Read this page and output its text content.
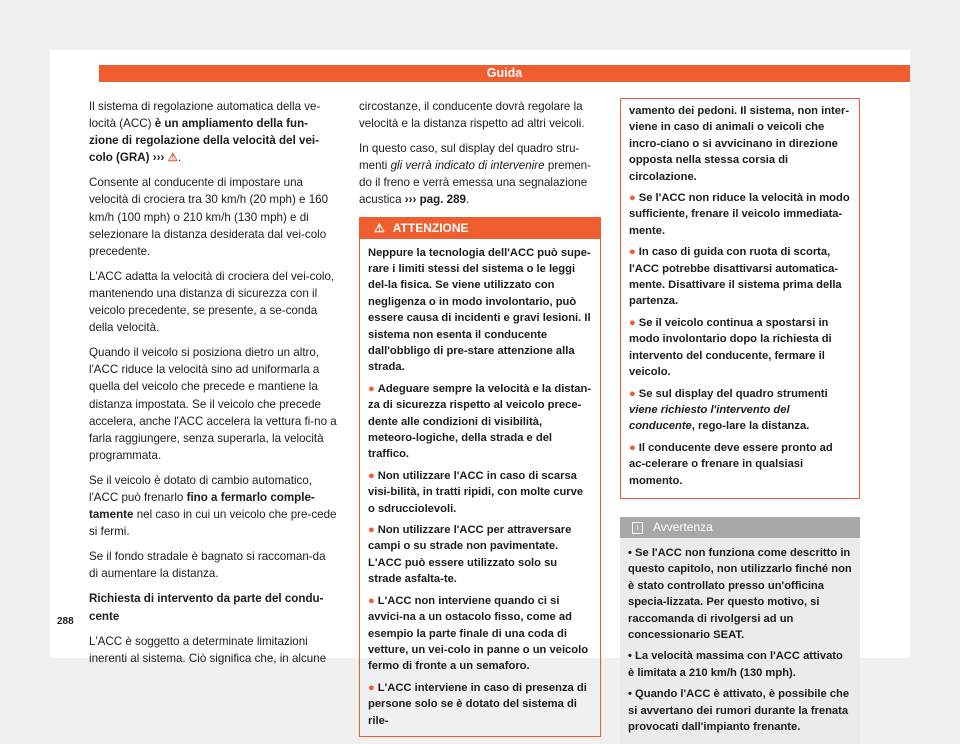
Guida

Il sistema di regolazione automatica della ve-locità (ACC) è un ampliamento della fun-zione di regolazione della velocità del vei-colo (GRA) ››› ⚠.

Consente al conducente di impostare una velocità di crociera tra 30 km/h (20 mph) e 160 km/h (100 mph) o 210 km/h (130 mph) e di selezionare la distanza desiderata dal vei-colo precedente.

L'ACC adatta la velocità di crociera del vei-colo, mantenendo una distanza di sicurezza con il veicolo precedente, se presente, a se-conda della velocità.

Quando il veicolo si posiziona dietro un altro, l'ACC riduce la velocità sino ad uniformarla a quella del veicolo che precede e mantiene la distanza impostata. Se il veicolo che precede accelera, anche l'ACC accelera la vettura fi-no a farla raggiungere, senza superarla, la velocità programmata.

Se il veicolo è dotato di cambio automatico, l'ACC può frenarlo fino a fermarlo comple-tamente nel caso in cui un veicolo che pre-cede si fermi.

Se il fondo stradale è bagnato si raccoman-da di aumentare la distanza.

Richiesta di intervento da parte del condu-cente

L'ACC è soggetto a determinate limitazioni inerenti al sistema. Ciò significa che, in alcune

circostanze, il conducente dovrà regolare la velocità e la distanza rispetto ad altri veicoli.

In questo caso, sul display del quadro stru-menti gli verrà indicato di intervenire premen-do il freno e verrà emessa una segnalazione acustica ››› pag. 289.

⚠ ATTENZIONE

Neppure la tecnologia dell'ACC può supe-rare i limiti stessi del sistema o le leggi del-la fisica. Se viene utilizzato con negligenza o in modo involontario, può essere causa di incidenti e gravi lesioni. Il sistema non esenta il conducente dall'obbligo di pre-stare attenzione alla strada.

● Adeguare sempre la velocità e la distan-za di sicurezza rispetto al veicolo prece-dente alle condizioni di visibilità, meteoro-logiche, della strada e del traffico.

● Non utilizzare l'ACC in caso di scarsa visi-bilità, in tratti ripidi, con molte curve o sdrucciolevoli.

● Non utilizzare l'ACC per attraversare campi o su strade non pavimentate. L'ACC può essere utilizzato solo su strade asfalta-te.

● L'ACC non interviene quando ci si avvici-na a un ostacolo fisso, come ad esempio la parte finale di una coda di vetture, un vei-colo in panne o un veicolo fermo di fronte a un semaforo.

● L'ACC interviene in caso di presenza di persone solo se è dotato del sistema di rile-

vamento dei pedoni. Il sistema, non inter-viene in caso di animali o veicoli che incro-ciano o si avvicinano in direzione opposta nella stessa corsia di circolazione.

● Se l'ACC non riduce la velocità in modo sufficiente, frenare il veicolo immediata-mente.

● In caso di guida con ruota di scorta, l'ACC potrebbe disattivarsi automatica-mente. Disattivare il sistema prima della partenza.

● Se il veicolo continua a spostarsi in modo involontario dopo la richiesta di intervento del conducente, fermare il veicolo.

● Se sul display del quadro strumenti viene richiesto l'intervento del conducente, rego-lare la distanza.

● Il conducente deve essere pronto ad ac-celerare o frenare in qualsiasi momento.

i Avvertenza

• Se l'ACC non funziona come descritto in questo capitolo, non utilizzarlo finché non è stato controllato presso un'officina specia-lizzata. Per questo motivo, si raccomanda di rivolgersi ad un concessionario SEAT.

• La velocità massima con l'ACC attivato è limitata a 210 km/h (130 mph).

• Quando l'ACC è attivato, è possibile che si avvertano dei rumori durante la frenata provocati dall'impianto frenante.

288
